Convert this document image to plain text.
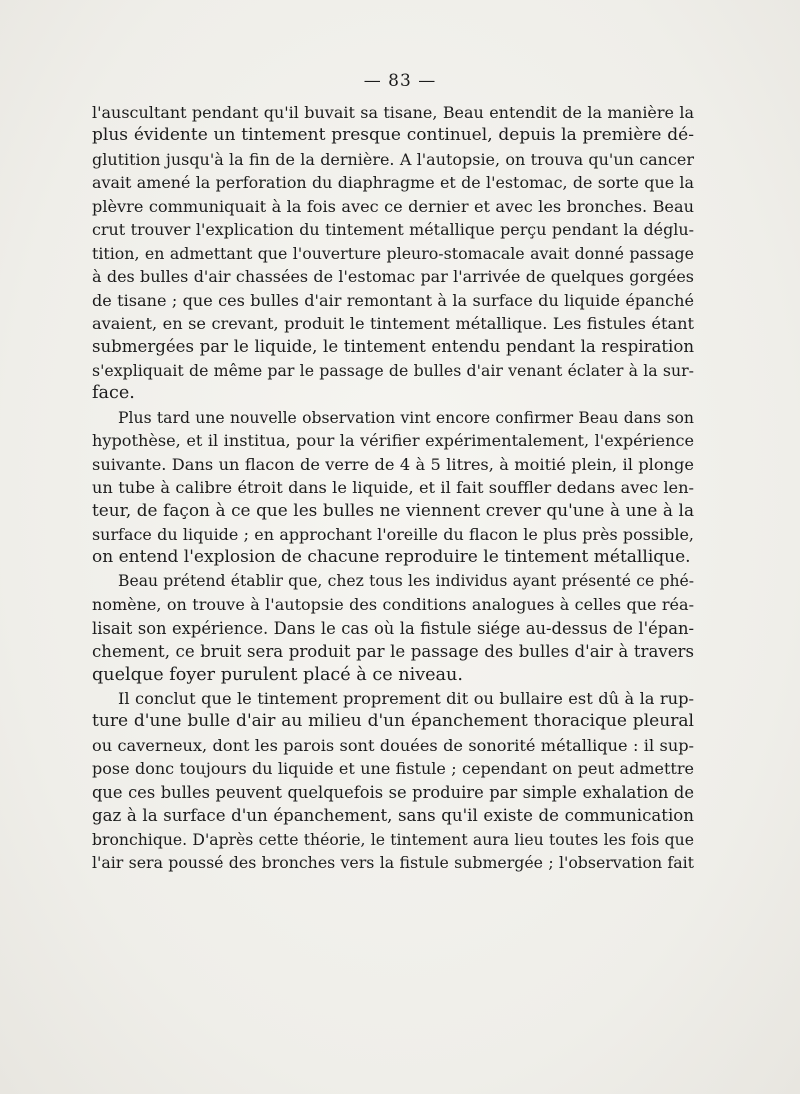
— 83 —
l'auscultant pendant qu'il buvait sa tisane, Beau entendit de la manière la
plus évidente un tintement presque continuel, depuis la première dé-
glutition jusqu'à la fin de la dernière. A l'autopsie, on trouva qu'un cancer
avait amené la perforation du diaphragme et de l'estomac, de sorte que la
plèvre communiquait à la fois avec ce dernier et avec les bronches. Beau
crut trouver l'explication du tintement métallique perçu pendant la déglu-
tition, en admettant que l'ouverture pleuro-stomacale avait donné passage
à des bulles d'air chassées de l'estomac par l'arrivée de quelques gorgées
de tisane ; que ces bulles d'air remontant à la surface du liquide épanché
avaient, en se crevant, produit le tintement métallique. Les fistules étant
submergées par le liquide, le tintement entendu pendant la respiration
s'expliquait de même par le passage de bulles d'air venant éclater à la sur-
face.
Plus tard une nouvelle observation vint encore confirmer Beau dans son
hypothèse, et il institua, pour la vérifier expérimentalement, l'expérience
suivante. Dans un flacon de verre de 4 à 5 litres, à moitié plein, il plonge
un tube à calibre étroit dans le liquide, et il fait souffler dedans avec len-
teur, de façon à ce que les bulles ne viennent crever qu'une à une à la
surface du liquide ; en approchant l'oreille du flacon le plus près possible,
on entend l'explosion de chacune reproduire le tintement métallique.
Beau prétend établir que, chez tous les individus ayant présenté ce phé-
nomène, on trouve à l'autopsie des conditions analogues à celles que réa-
lisait son expérience. Dans le cas où la fistule siége au-dessus de l'épan-
chement, ce bruit sera produit par le passage des bulles d'air à travers
quelque foyer purulent placé à ce niveau.
Il conclut que le tintement proprement dit ou bullaire est dû à la rup-
ture d'une bulle d'air au milieu d'un épanchement thoracique pleural
ou caverneux, dont les parois sont douées de sonorité métallique : il sup-
pose donc toujours du liquide et une fistule ; cependant on peut admettre
que ces bulles peuvent quelquefois se produire par simple exhalation de
gaz à la surface d'un épanchement, sans qu'il existe de communication
bronchique. D'après cette théorie, le tintement aura lieu toutes les fois que
l'air sera poussé des bronches vers la fistule submergée ; l'observation fait
